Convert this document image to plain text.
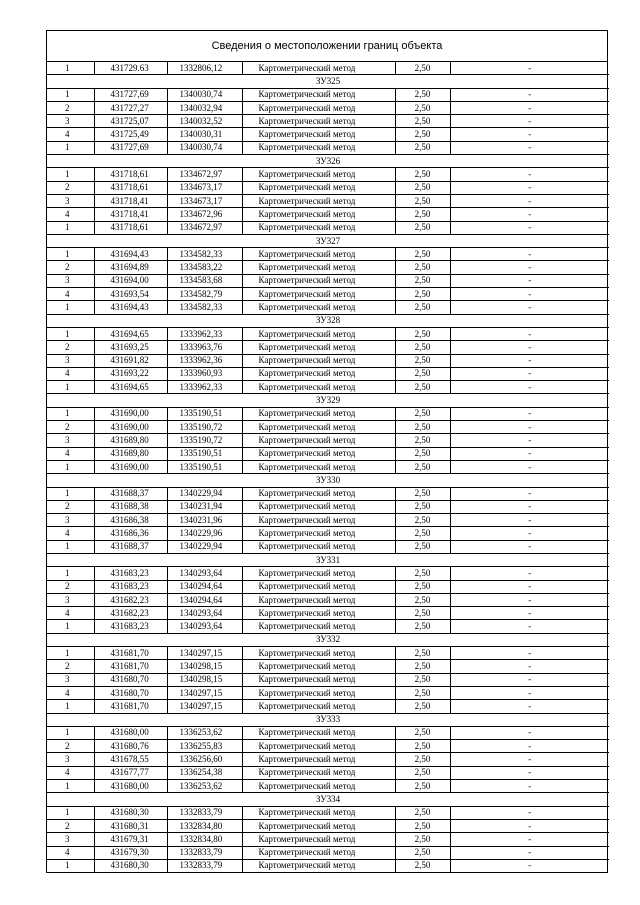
Сведения о местоположении границ объекта
1	431729.63	1332806,12	Картометрический метод	2,50	-
ЗУ325					
1	431727,69	1340030,74	Картометрический метод	2,50	-
2	431727,27	1340032,94	Картометрический метод	2,50	-
3	431725,07	1340032,52	Картометрический метод	2,50	-
4	431725,49	1340030,31	Картометрический метод	2,50	-
1	431727,69	1340030,74	Картометрический метод	2,50	-
ЗУ326					
1	431718,61	1334672,97	Картометрический метод	2,50	-
2	431718,61	1334673,17	Картометрический метод	2,50	-
3	431718,41	1334673,17	Картометрический метод	2,50	-
4	431718,41	1334672,96	Картометрический метод	2,50	-
1	431718,61	1334672,97	Картометрический метод	2,50	-
ЗУ327					
1	431694,43	1334582,33	Картометрический метод	2,50	-
2	431694,89	1334583,22	Картометрический метод	2,50	-
3	431694,00	1334583,68	Картометрический метод	2,50	-
4	431693,54	1334582,79	Картометрический метод	2,50	-
1	431694,43	1334582,33	Картометрический метод	2,50	-
ЗУ328					
1	431694,65	1333962,33	Картометрический метод	2,50	-
2	431693,25	1333963,76	Картометрический метод	2,50	-
3	431691,82	1333962,36	Картометрический метод	2,50	-
4	431693,22	1333960,93	Картометрический метод	2,50	-
1	431694,65	1333962,33	Картометрический метод	2,50	-
ЗУ329					
1	431690,00	1335190,51	Картометрический метод	2,50	-
2	431690,00	1335190,72	Картометрический метод	2,50	-
3	431689,80	1335190,72	Картометрический метод	2,50	-
4	431689,80	1335190,51	Картометрический метод	2,50	-
1	431690,00	1335190,51	Картометрический метод	2,50	-
ЗУ330					
1	431688,37	1340229,94	Картометрический метод	2,50	-
2	431688,38	1340231,94	Картометрический метод	2,50	-
3	431686,38	1340231,96	Картометрический метод	2,50	-
4	431686,36	1340229,96	Картометрический метод	2,50	-
1	431688,37	1340229,94	Картометрический метод	2,50	-
ЗУ331					
1	431683,23	1340293,64	Картометрический метод	2,50	-
2	431683,23	1340294,64	Картометрический метод	2,50	-
3	431682,23	1340294,64	Картометрический метод	2,50	-
4	431682,23	1340293,64	Картометрический метод	2,50	-
1	431683,23	1340293,64	Картометрический метод	2,50	-
ЗУ332					
1	431681,70	1340297,15	Картометрический метод	2,50	-
2	431681,70	1340298,15	Картометрический метод	2,50	-
3	431680,70	1340298,15	Картометрический метод	2,50	-
4	431680,70	1340297,15	Картометрический метод	2,50	-
1	431681,70	1340297,15	Картометрический метод	2,50	-
ЗУ333					
1	431680,00	1336253,62	Картометрический метод	2,50	-
2	431680,76	1336255,83	Картометрический метод	2,50	-
3	431678,55	1336256,60	Картометрический метод	2,50	-
4	431677,77	1336254,38	Картометрический метод	2,50	-
1	431680,00	1336253,62	Картометрический метод	2,50	-
ЗУ334					
1	431680,30	1332833,79	Картометрический метод	2,50	-
2	431680,31	1332834,80	Картометрический метод	2,50	-
3	431679,31	1332834,80	Картометрический метод	2,50	-
4	431679,30	1332833,79	Картометрический метод	2,50	-
1	431680,30	1332833,79	Картометрический метод	2,50	-
